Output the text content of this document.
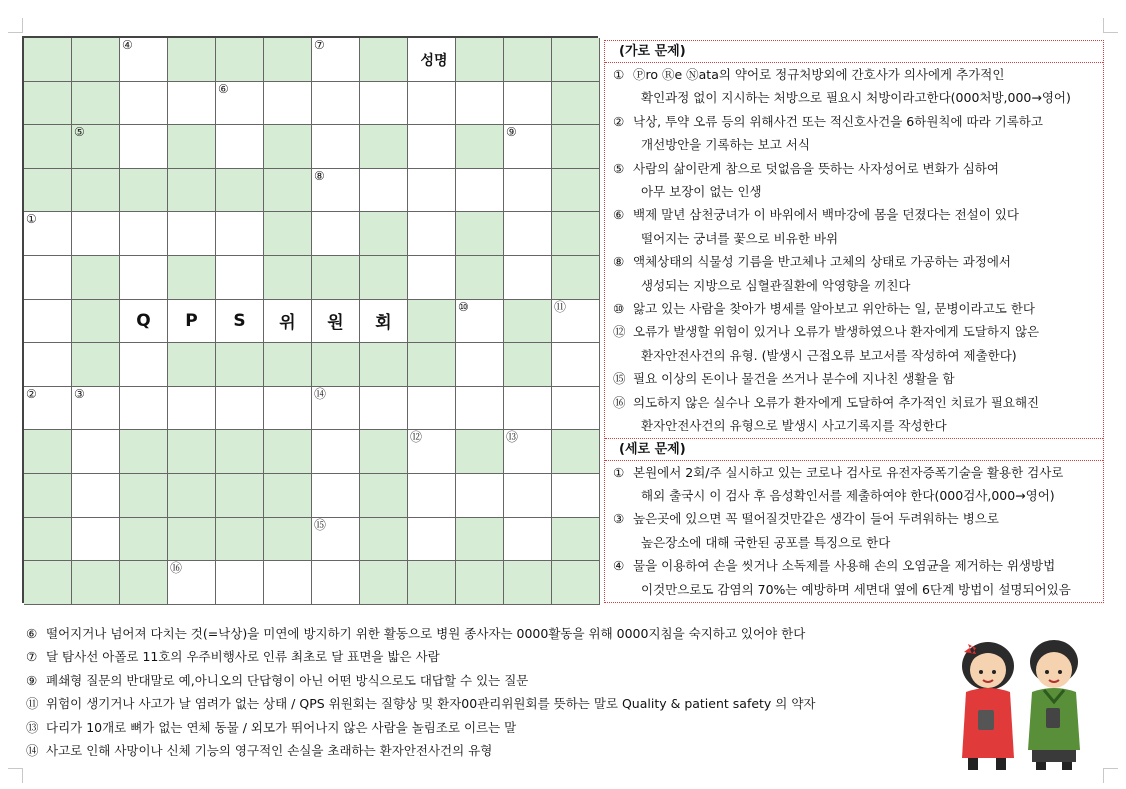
④	⑦
⑥
⑤	⑨
⑧
①
Q	P	S	위	원	회
⑩	⑪
②	③	⑭
⑫	⑬
⑮
⑯
성명
(가로 문제)
① Ⓟro Ⓡe Ⓝata의 약어로 정규처방외에 간호사가 의사에게 추가적인
확인과정 없이 지시하는 처방으로 필요시 처방이라고한다(000처방,000→영어)
② 낙상, 투약 오류 등의 위해사건 또는 적신호사건을 6하원칙에 따라 기록하고
개선방안을 기록하는 보고 서식
⑤ 사람의 삶이란게 참으로 덧없음을 뜻하는 사자성어로 변화가 심하여
아무 보장이 없는 인생
⑥ 백제 말년 삼천궁녀가 이 바위에서 백마강에 몸을 던졌다는 전설이 있다
떨어지는 궁녀를 꽃으로 비유한 바위
⑧ 액체상태의 식물성 기름을 반고체나 고체의 상태로 가공하는 과정에서
생성되는 지방으로 심혈관질환에 악영향을 끼친다
⑩ 앓고 있는 사람을 찾아가 병세를 알아보고 위안하는 일, 문병이라고도 한다
⑫ 오류가 발생할 위험이 있거나 오류가 발생하였으나 환자에게 도달하지 않은
환자안전사건의 유형. (발생시 근접오류 보고서를 작성하여 제출한다)
⑮ 필요 이상의 돈이나 물건을 쓰거나 분수에 지나친 생활을 함
⑯ 의도하지 않은 실수나 오류가 환자에게 도달하여 추가적인 치료가 필요해진
환자안전사건의 유형으로 발생시 사고기록지를 작성한다
(세로 문제)
① 본원에서 2회/주 실시하고 있는 코로나 검사로 유전자증폭기술을 활용한 검사로
해외 출국시 이 검사 후 음성확인서를 제출하여야 한다(000검사,000→영어)
③ 높은곳에 있으면 꼭 떨어질것만같은 생각이 들어 두려워하는 병으로
높은장소에 대해 국한된 공포를 특징으로 한다
④ 물을 이용하여 손을 씻거나 소독제를 사용해 손의 오염균을 제거하는 위생방법
이것만으로도 감염의 70%는 예방하며 세면대 옆에 6단계 방법이 설명되어있음
⑥ 떨어지거나 넘어져 다치는 것(=낙상)을 미연에 방지하기 위한 활동으로 병원 종사자는 0000활동을 위해 0000지침을 숙지하고 있어야 한다
⑦ 달 탐사선 아폴로 11호의 우주비행사로 인류 최초로 달 표면을 밟은 사람
⑨ 폐쇄형 질문의 반대말로 예,아니오의 단답형이 아닌 어떤 방식으로도 대답할 수 있는 질문
⑪ 위험이 생기거나 사고가 날 염려가 없는 상태 / QPS 위원회는 질향상 및 환자00관리위원회를 뜻하는 말로 Quality & patient safety 의 약자
⑬ 다리가 10개로 뼈가 없는 연체 동물 / 외모가 뛰어나지 않은 사람을 놀림조로 이르는 말
⑭ 사고로 인해 사망이나 신체 기능의 영구적인 손실을 초래하는 환자안전사건의 유형
